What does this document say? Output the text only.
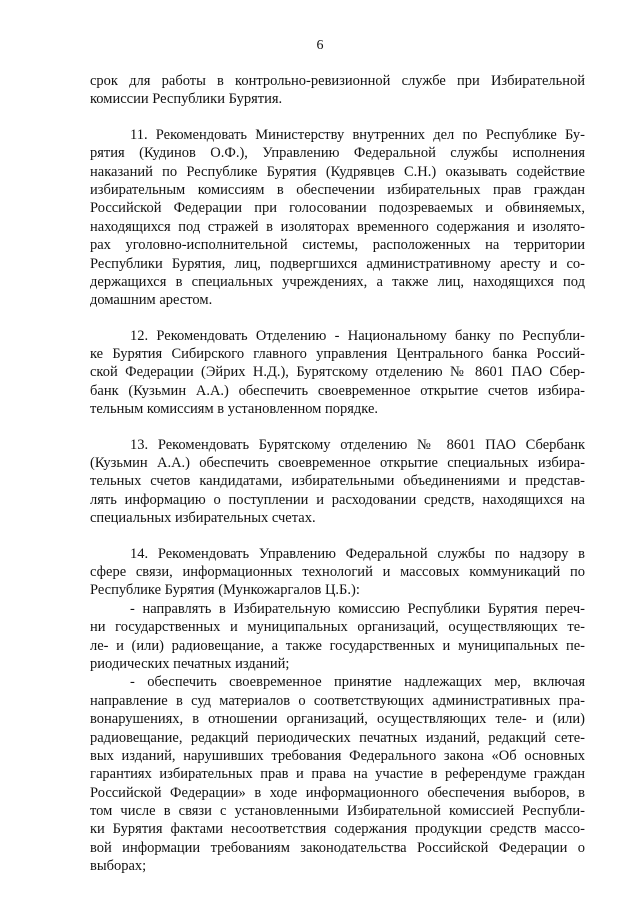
6
срок для работы в контрольно-ревизионной службе при Избирательной
комиссии Республики Бурятия.
11. Рекомендовать Министерству внутренних дел по Республике Бу-
рятия (Кудинов О.Ф.), Управлению Федеральной службы исполнения
наказаний по Республике Бурятия (Кудрявцев С.Н.) оказывать содействие
избирательным комиссиям в обеспечении избирательных прав граждан
Российской Федерации при голосовании подозреваемых и обвиняемых,
находящихся под стражей в изоляторах временного содержания и изолято-
рах уголовно-исполнительной системы, расположенных на территории
Республики Бурятия, лиц, подвергшихся административному аресту и со-
держащихся в специальных учреждениях, а также лиц, находящихся под
домашним арестом.
12. Рекомендовать Отделению - Национальному банку по Республи-
ке Бурятия Сибирского главного управления Центрального банка Россий-
ской Федерации (Эйрих Н.Д.), Бурятскому отделению № 8601 ПАО Сбер-
банк (Кузьмин А.А.) обеспечить своевременное открытие счетов избира-
тельным комиссиям в установленном порядке.
13. Рекомендовать Бурятскому отделению № 8601 ПАО Сбербанк
(Кузьмин А.А.) обеспечить своевременное открытие специальных избира-
тельных счетов кандидатами, избирательными объединениями и представ-
лять информацию о поступлении и расходовании средств, находящихся на
специальных избирательных счетах.
14. Рекомендовать Управлению Федеральной службы по надзору в
сфере связи, информационных технологий и массовых коммуникаций по
Республике Бурятия (Мункожаргалов Ц.Б.):
- направлять в Избирательную комиссию Республики Бурятия переч-
ни государственных и муниципальных организаций, осуществляющих те-
ле- и (или) радиовещание, а также государственных и муниципальных пе-
риодических печатных изданий;
- обеспечить своевременное принятие надлежащих мер, включая
направление в суд материалов о соответствующих административных пра-
вонарушениях, в отношении организаций, осуществляющих теле- и (или)
радиовещание, редакций периодических печатных изданий, редакций сете-
вых изданий, нарушивших требования Федерального закона «Об основных
гарантиях избирательных прав и права на участие в референдуме граждан
Российской Федерации» в ходе информационного обеспечения выборов, в
том числе в связи с установленными Избирательной комиссией Республи-
ки Бурятия фактами несоответствия содержания продукции средств массо-
вой информации требованиям законодательства Российской Федерации о
выборах;
